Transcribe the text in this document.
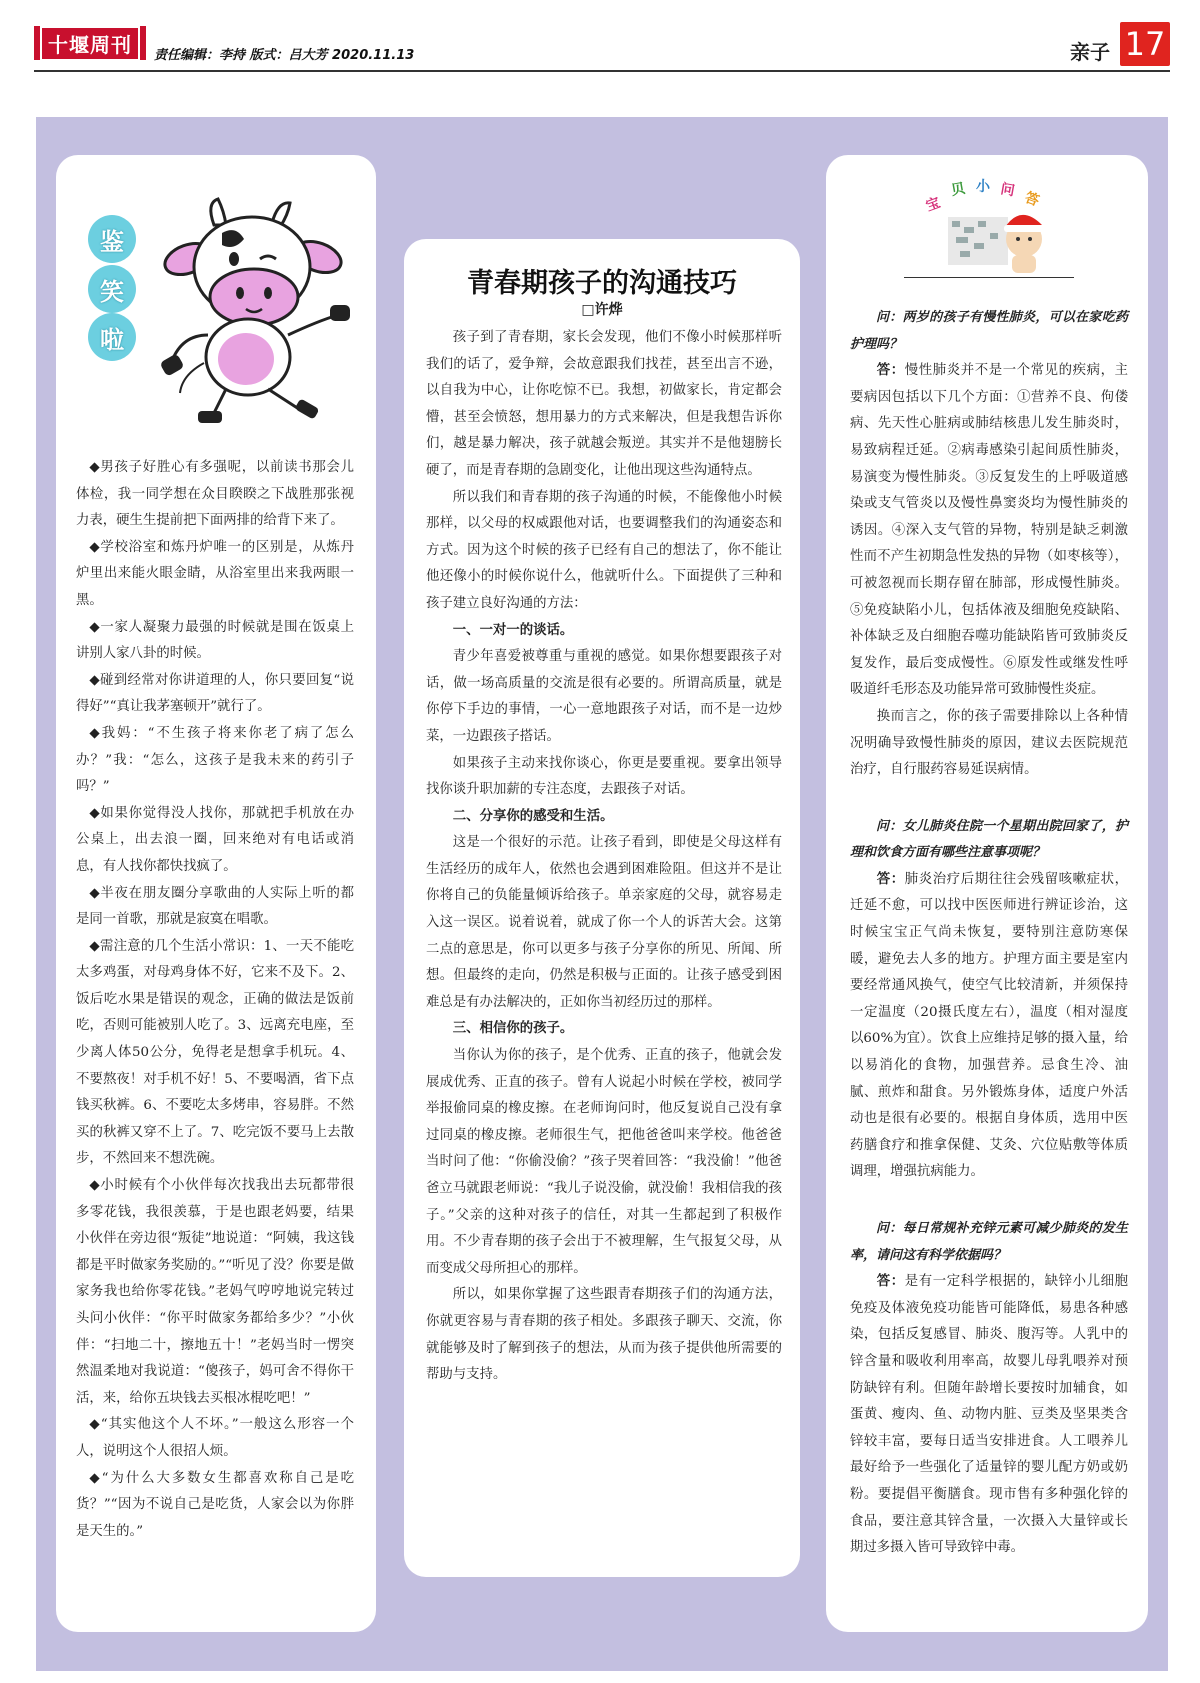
十堰周刊	责任编辑：李持 版式：吕大芳 2020.11.13	亲子 17
鉴
笑
啦

◆男孩子好胜心有多强呢，以前读书那会儿体检，我一同学想在众目睽睽之下战胜那张视力表，硬生生提前把下面两排的给背下来了。

◆学校浴室和炼丹炉唯一的区别是，从炼丹炉里出来能火眼金睛，从浴室里出来我两眼一黑。

◆一家人凝聚力最强的时候就是围在饭桌上讲别人家八卦的时候。

◆碰到经常对你讲道理的人，你只要回复“说得好”“真让我茅塞顿开”就行了。

◆我妈：“不生孩子将来你老了病了怎么办？”我：“怎么，这孩子是我未来的药引子吗？”

◆如果你觉得没人找你，那就把手机放在办公桌上，出去浪一圈，回来绝对有电话或消息，有人找你都快找疯了。

◆半夜在朋友圈分享歌曲的人实际上听的都是同一首歌，那就是寂寞在唱歌。

◆需注意的几个生活小常识：1、一天不能吃太多鸡蛋，对母鸡身体不好，它来不及下。2、饭后吃水果是错误的观念，正确的做法是饭前吃，否则可能被别人吃了。3、远离充电座，至少离人体50公分，免得老是想拿手机玩。4、不要熬夜！对手机不好！5、不要喝酒，省下点钱买秋裤。6、不要吃太多烤串，容易胖。不然买的秋裤又穿不上了。7、吃完饭不要马上去散步，不然回来不想洗碗。

◆小时候有个小伙伴每次找我出去玩都带很多零花钱，我很羡慕，于是也跟老妈要，结果小伙伴在旁边很“叛徒”地说道：“阿姨，我这钱都是平时做家务奖励的。”“听见了没？你要是做家务我也给你零花钱。”老妈气哼哼地说完转过头问小伙伴：“你平时做家务都给多少？”小伙伴：“扫地二十，擦地五十！”老妈当时一愣突然温柔地对我说道：“傻孩子，妈可舍不得你干活，来，给你五块钱去买根冰棍吃吧！”

◆“其实他这个人不坏。”一般这么形容一个人，说明这个人很招人烦。

◆“为什么大多数女生都喜欢称自己是吃货？”“因为不说自己是吃货，人家会以为你胖是天生的。”

青春期孩子的沟通技巧
□许烨

孩子到了青春期，家长会发现，他们不像小时候那样听我们的话了，爱争辩，会故意跟我们找茬，甚至出言不逊，以自我为中心，让你吃惊不已。我想，初做家长，肯定都会懵，甚至会愤怒，想用暴力的方式来解决，但是我想告诉你们，越是暴力解决，孩子就越会叛逆。其实并不是他翅膀长硬了，而是青春期的急剧变化，让他出现这些沟通特点。

所以我们和青春期的孩子沟通的时候，不能像他小时候那样，以父母的权威跟他对话，也要调整我们的沟通姿态和方式。因为这个时候的孩子已经有自己的想法了，你不能让他还像小的时候你说什么，他就听什么。下面提供了三种和孩子建立良好沟通的方法：

一、一对一的谈话。

青少年喜爱被尊重与重视的感觉。如果你想要跟孩子对话，做一场高质量的交流是很有必要的。所谓高质量，就是你停下手边的事情，一心一意地跟孩子对话，而不是一边炒菜，一边跟孩子搭话。

如果孩子主动来找你谈心，你更是要重视。要拿出领导找你谈升职加薪的专注态度，去跟孩子对话。

二、分享你的感受和生活。

这是一个很好的示范。让孩子看到，即使是父母这样有生活经历的成年人，依然也会遇到困难险阻。但这并不是让你将自己的负能量倾诉给孩子。单亲家庭的父母，就容易走入这一误区。说着说着，就成了你一个人的诉苦大会。这第二点的意思是，你可以更多与孩子分享你的所见、所闻、所想。但最终的走向，仍然是积极与正面的。让孩子感受到困难总是有办法解决的，正如你当初经历过的那样。

三、相信你的孩子。

当你认为你的孩子，是个优秀、正直的孩子，他就会发展成优秀、正直的孩子。曾有人说起小时候在学校，被同学举报偷同桌的橡皮擦。在老师询问时，他反复说自己没有拿过同桌的橡皮擦。老师很生气，把他爸爸叫来学校。他爸爸当时问了他：“你偷没偷？”孩子哭着回答：“我没偷！”他爸爸立马就跟老师说：“我儿子说没偷，就没偷！我相信我的孩子。”父亲的这种对孩子的信任，对其一生都起到了积极作用。不少青春期的孩子会出于不被理解，生气报复父母，从而变成父母所担心的那样。

所以，如果你掌握了这些跟青春期孩子们的沟通方法，你就更容易与青春期的孩子相处。多跟孩子聊天、交流，你就能够及时了解到孩子的想法，从而为孩子提供他所需要的帮助与支持。

宝
贝 小 问 答

问：两岁的孩子有慢性肺炎，可以在家吃药护理吗？

答：慢性肺炎并不是一个常见的疾病，主要病因包括以下几个方面：①营养不良、佝偻病、先天性心脏病或肺结核患儿发生肺炎时，易致病程迁延。②病毒感染引起间质性肺炎，易演变为慢性肺炎。③反复发生的上呼吸道感染或支气管炎以及慢性鼻窦炎均为慢性肺炎的诱因。④深入支气管的异物，特别是缺乏刺激性而不产生初期急性发热的异物（如枣核等），可被忽视而长期存留在肺部，形成慢性肺炎。⑤免疫缺陷小儿，包括体液及细胞免疫缺陷、补体缺乏及白细胞吞噬功能缺陷皆可致肺炎反复发作，最后变成慢性。⑥原发性或继发性呼吸道纤毛形态及功能异常可致肺慢性炎症。

换而言之，你的孩子需要排除以上各种情况明确导致慢性肺炎的原因，建议去医院规范治疗，自行服药容易延误病情。

问：女儿肺炎住院一个星期出院回家了，护理和饮食方面有哪些注意事项呢？

答：肺炎治疗后期往往会残留咳嗽症状，迁延不愈，可以找中医医师进行辨证诊治，这时候宝宝正气尚未恢复，要特别注意防寒保暖，避免去人多的地方。护理方面主要是室内要经常通风换气，使空气比较清新，并须保持一定温度（20摄氏度左右），温度（相对湿度以60%为宜）。饮食上应维持足够的摄入量，给以易消化的食物，加强营养。忌食生冷、油腻、煎炸和甜食。另外锻炼身体，适度户外活动也是很有必要的。根据自身体质，选用中医药膳食疗和推拿保健、艾灸、穴位贴敷等体质调理，增强抗病能力。

问：每日常规补充锌元素可减少肺炎的发生率，请问这有科学依据吗？

答：是有一定科学根据的，缺锌小儿细胞免疫及体液免疫功能皆可能降低，易患各种感染，包括反复感冒、肺炎、腹泻等。人乳中的锌含量和吸收利用率高，故婴儿母乳喂养对预防缺锌有利。但随年龄增长要按时加辅食，如蛋黄、瘦肉、鱼、动物内脏、豆类及坚果类含锌较丰富，要每日适当安排进食。人工喂养儿最好给予一些强化了适量锌的婴儿配方奶或奶粉。要提倡平衡膳食。现市售有多种强化锌的食品，要注意其锌含量，一次摄入大量锌或长期过多摄入皆可导致锌中毒。
